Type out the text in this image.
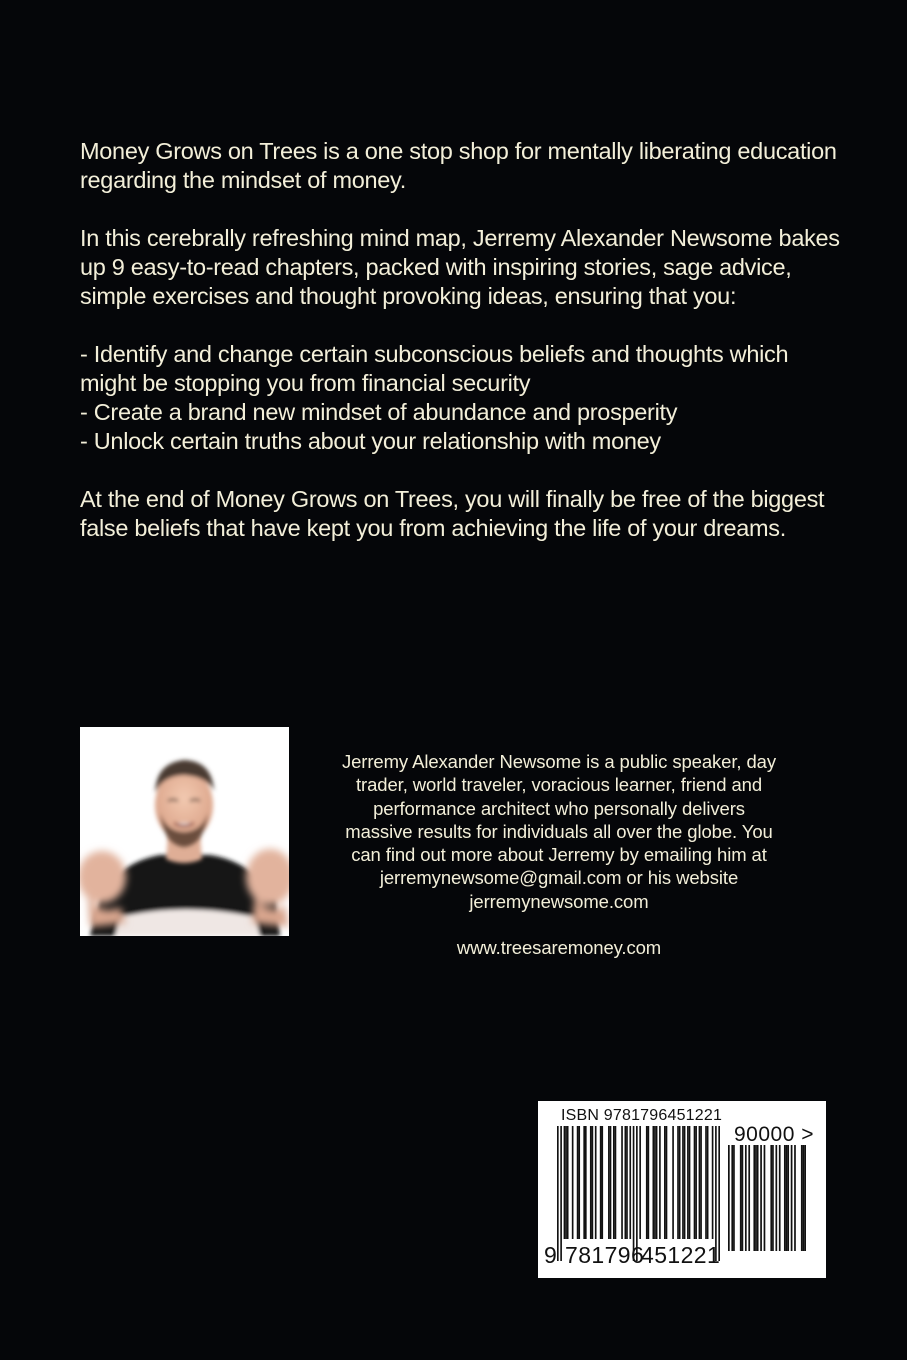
Money Grows on Trees is a one stop shop for mentally liberating education regarding the mindset of money.

In this cerebrally refreshing mind map, Jerremy Alexander Newsome bakes up 9 easy-to-read chapters, packed with inspiring stories, sage advice, simple exercises and thought provoking ideas, ensuring that you:

- Identify and change certain subconscious beliefs and thoughts which might be stopping you from financial security
- Create a brand new mindset of abundance and prosperity
- Unlock certain truths about your relationship with money

At the end of Money Grows on Trees, you will finally be free of the biggest false beliefs that have kept you from achieving the life of your dreams.

Jerremy Alexander Newsome is a public speaker, day

trader, world traveler, voracious learner, friend and

performance architect who personally delivers

massive results for individuals all over the globe. You

can find out more about Jerremy by emailing him at

jerremynewsome@gmail.com or his website

jerremynewsome.com

www.treesaremoney.com

ISBN 9781796451221
90000 >
9 781796
451221
